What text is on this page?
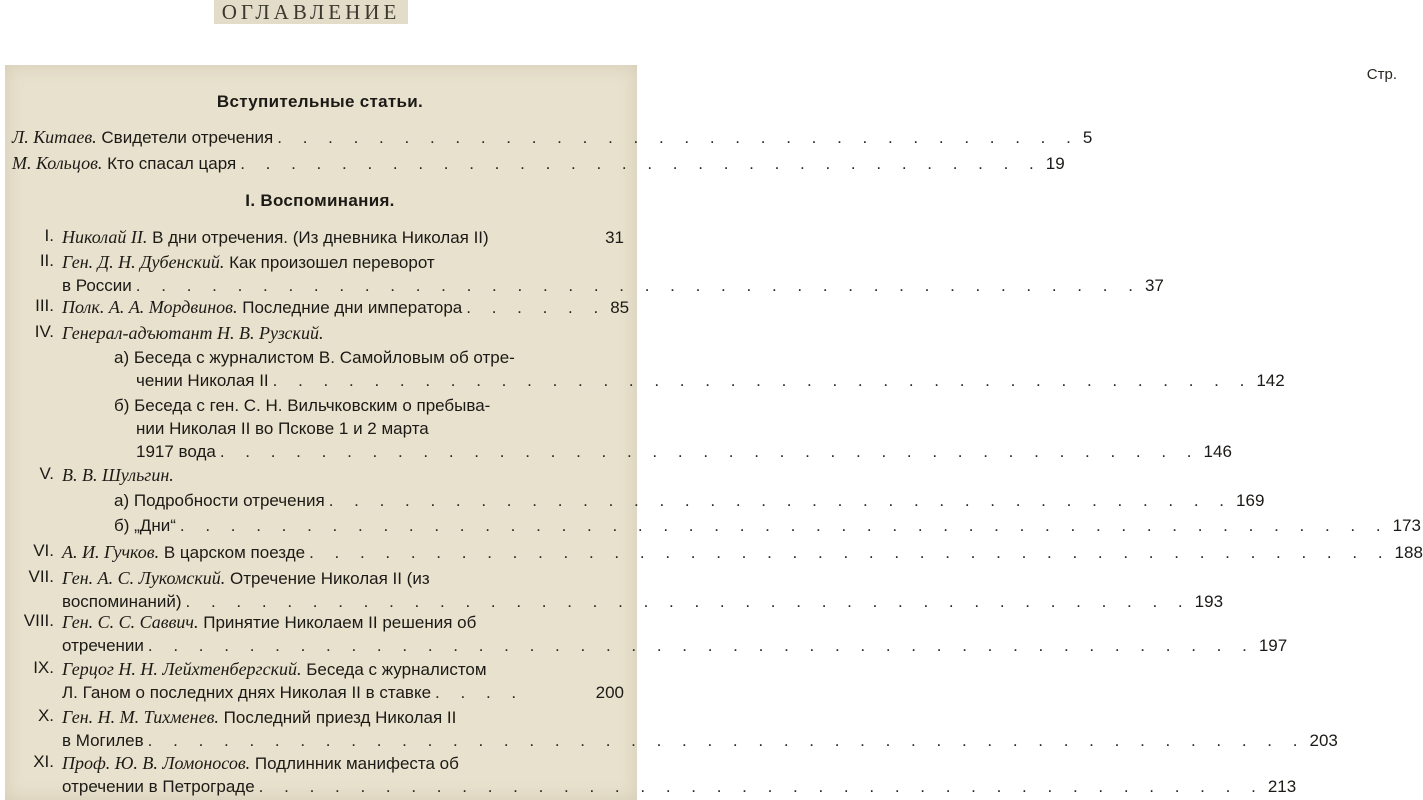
ОГЛАВЛЕНИЕ
Стр.
Вступительные статьи.
Л. Китаев.
Свидетели отречения . . . . . . . . . . . . . . . . . . . . . . . . . . . . . . . . 5
М. Кольцов.
Кто спасал царя . . . . . . . . . . . . . . . . . . . . . . . . . . . . . . . . 19
I. Воспоминания.
I. Николай II.
В дни отречения. (Из дневника Николая II)	31
II. Ген. Д. Н. Дубенский. Как произошел переворот
в России . . . . . . . . . . . . . . . . . . . . . . . . . . . . . . . . . . . . . . . . 37
III. Полк. А. А. Мордвинов.
Последние дни императора . . . . . . 85
IV. Генерал-адъютант Н. В. Рузский.
а) Беседа с журналистом В. Самойловым об отре-
чении Николая II . . . . . . . . . . . . . . . . . . . . . . . . . . . . . . . . . . . . . . . 142
б) Беседа с ген. С. Н. Вильчковским о пребыва-
нии Николая II во Пскове 1 и 2 марта
1917 вода . . . . . . . . . . . . . . . . . . . . . . . . . . . . . . . . . . . . . . . 146
V. В. В. Шульгин.
а)
Подробности отречения . . . . . . . . . . . . . . . . . . . . . . . . . . . . . . . . . . . . 169
б)
„Дни“ . . . . . . . . . . . . . . . . . . . . . . . . . . . . . . . . . . . . . . . . . . . . . . . . 173
VI. А. И. Гучков.
В царском поезде . . . . . . . . . . . . . . . . . . . . . . . . . . . . . . . . . . . . . . . . . . . 188
VII. Ген. А. С. Лукомский. Отречение Николая II (из
воспоминаний) . . . . . . . . . . . . . . . . . . . . . . . . . . . . . . . . . . . . . . . . 193
VIII. Ген. С. С. Саввич. Принятие Николаем II решения об
отречении . . . . . . . . . . . . . . . . . . . . . . . . . . . . . . . . . . . . . . . . . . . . 197
IX. Герцог Н. Н. Лейхтенбергский. Беседа с журналистом
Л. Ганом о последних днях Николая II в ставке . . . .	200
X. Ген. Н. М. Тихменев. Последний приезд Николая II
в Могилев . . . . . . . . . . . . . . . . . . . . . . . . . . . . . . . . . . . . . . . . . . . . . . 203
XI. Проф. Ю. В. Ломоносов. Подлинник манифеста об
отречении в Петрограде . . . . . . . . . . . . . . . . . . . . . . . . . . . . . . . . . . . . . . . . 213
